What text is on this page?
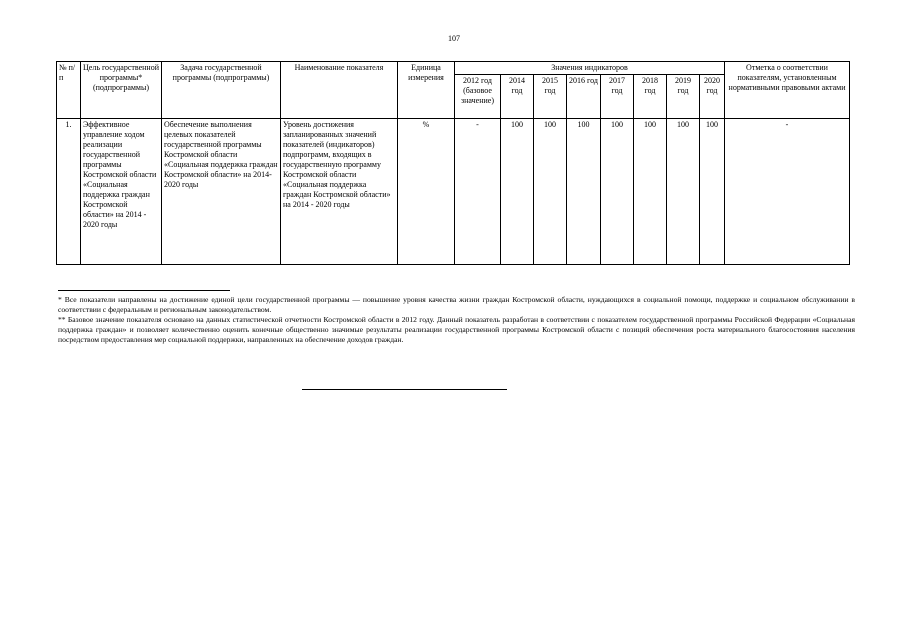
107
№ п/п	Цель государственной программы* (подпрограммы)	Задача государственной программы (подпрограммы)	Наименование показателя	Единица измерения	Значения индикаторов								Отметка о соответствии показателям, установленным нормативными правовыми актами
					2012 год (базовое значение)	2014 год	2015 год	2016 год	2017 год	2018 год	2019 год	2020 год	
1.	Эффективное управление ходом реализации государственной программы Костромской области «Социальная поддержка граждан Костромской области» на 2014 - 2020 годы	Обеспечение выполнения целевых показателей государственной программы Костромской области «Социальная поддержка граждан Костромской области» на 2014-2020 годы	Уровень достижения запланированных значений показателей (индикаторов) подпрограмм, входящих в государственную программу Костромской области «Социальная поддержка граждан Костромской области» на 2014 - 2020 годы	%	-	100	100	100	100	100	100	100	-

* Все показатели направлены на достижение единой цели государственной программы — повышение уровня качества жизни граждан Костромской области, нуждающихся в социальной помощи, поддержке и социальном обслуживании в соответствии с федеральным и региональным законодательством.

** Базовое значение показателя основано на данных статистической отчетности Костромской области в 2012 году. Данный показатель разработан в соответствии с показателем государственной программы Российской Федерации «Социальная поддержка граждан» и позволяет количественно оценить конечные общественно значимые результаты реализации государственной программы Костромской области с позиций обеспечения роста материального благосостояния населения посредством предоставления мер социальной поддержки, направленных на обеспечение доходов граждан.
